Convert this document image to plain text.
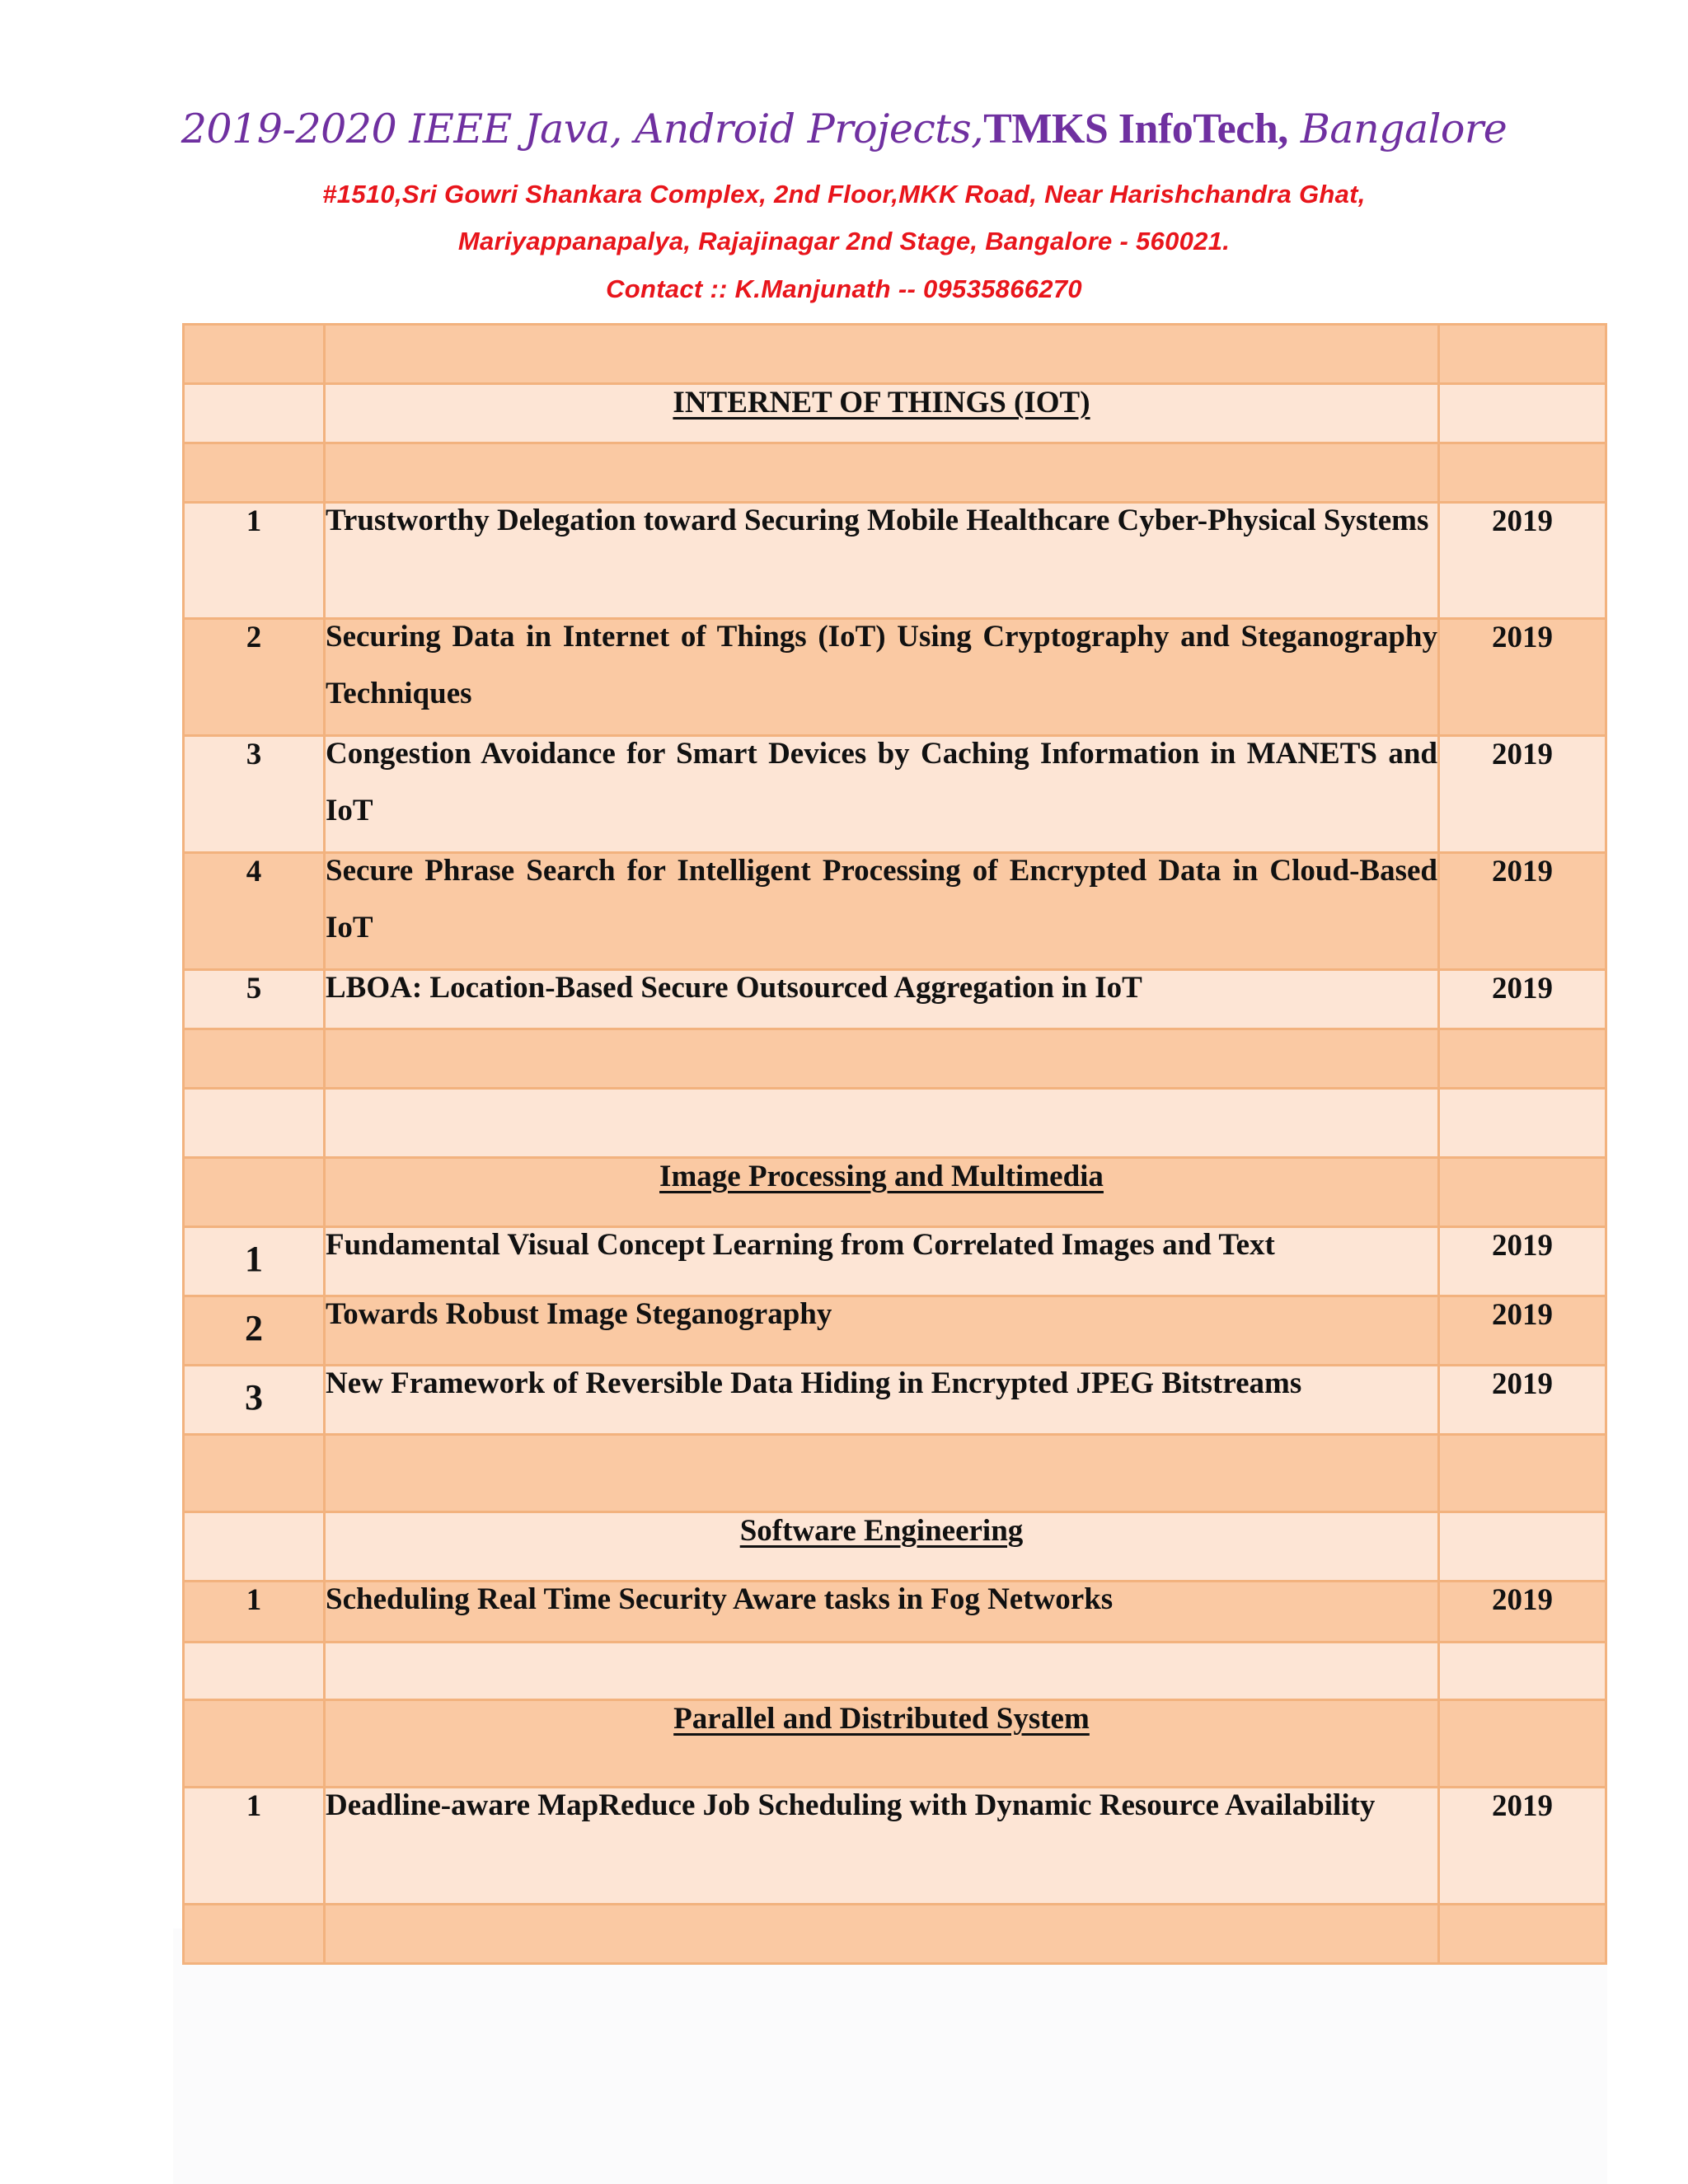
2019-2020 IEEE Java, Android Projects,TMKS InfoTech, Bangalore
#1510,Sri Gowri Shankara Complex, 2nd Floor,MKK Road, Near Harishchandra Ghat,
Mariyappanapalya, Rajajinagar 2nd Stage, Bangalore - 560021.
Contact :: K.Manjunath -- 09535866270

	INTERNET OF THINGS (IOT)	

1	Trustworthy Delegation toward Securing Mobile Healthcare Cyber-Physical Systems	2019
2	Securing Data in Internet of Things (IoT) Using Cryptography and Steganography Techniques	2019
3	Congestion Avoidance for Smart Devices by Caching Information in MANETS and IoT	2019
4	Secure Phrase Search for Intelligent Processing of Encrypted Data in Cloud-Based IoT	2019
5	LBOA: Location-Based Secure Outsourced Aggregation in IoT	2019

	Image Processing and Multimedia	
1	Fundamental Visual Concept Learning from Correlated Images and Text	2019
2	Towards Robust Image Steganography	2019
3	New Framework of Reversible Data Hiding in Encrypted JPEG Bitstreams	2019

	Software Engineering	
1	Scheduling Real Time Security Aware tasks in Fog Networks	2019

	Parallel and Distributed System	
1	Deadline-aware MapReduce Job Scheduling with Dynamic Resource Availability	2019
